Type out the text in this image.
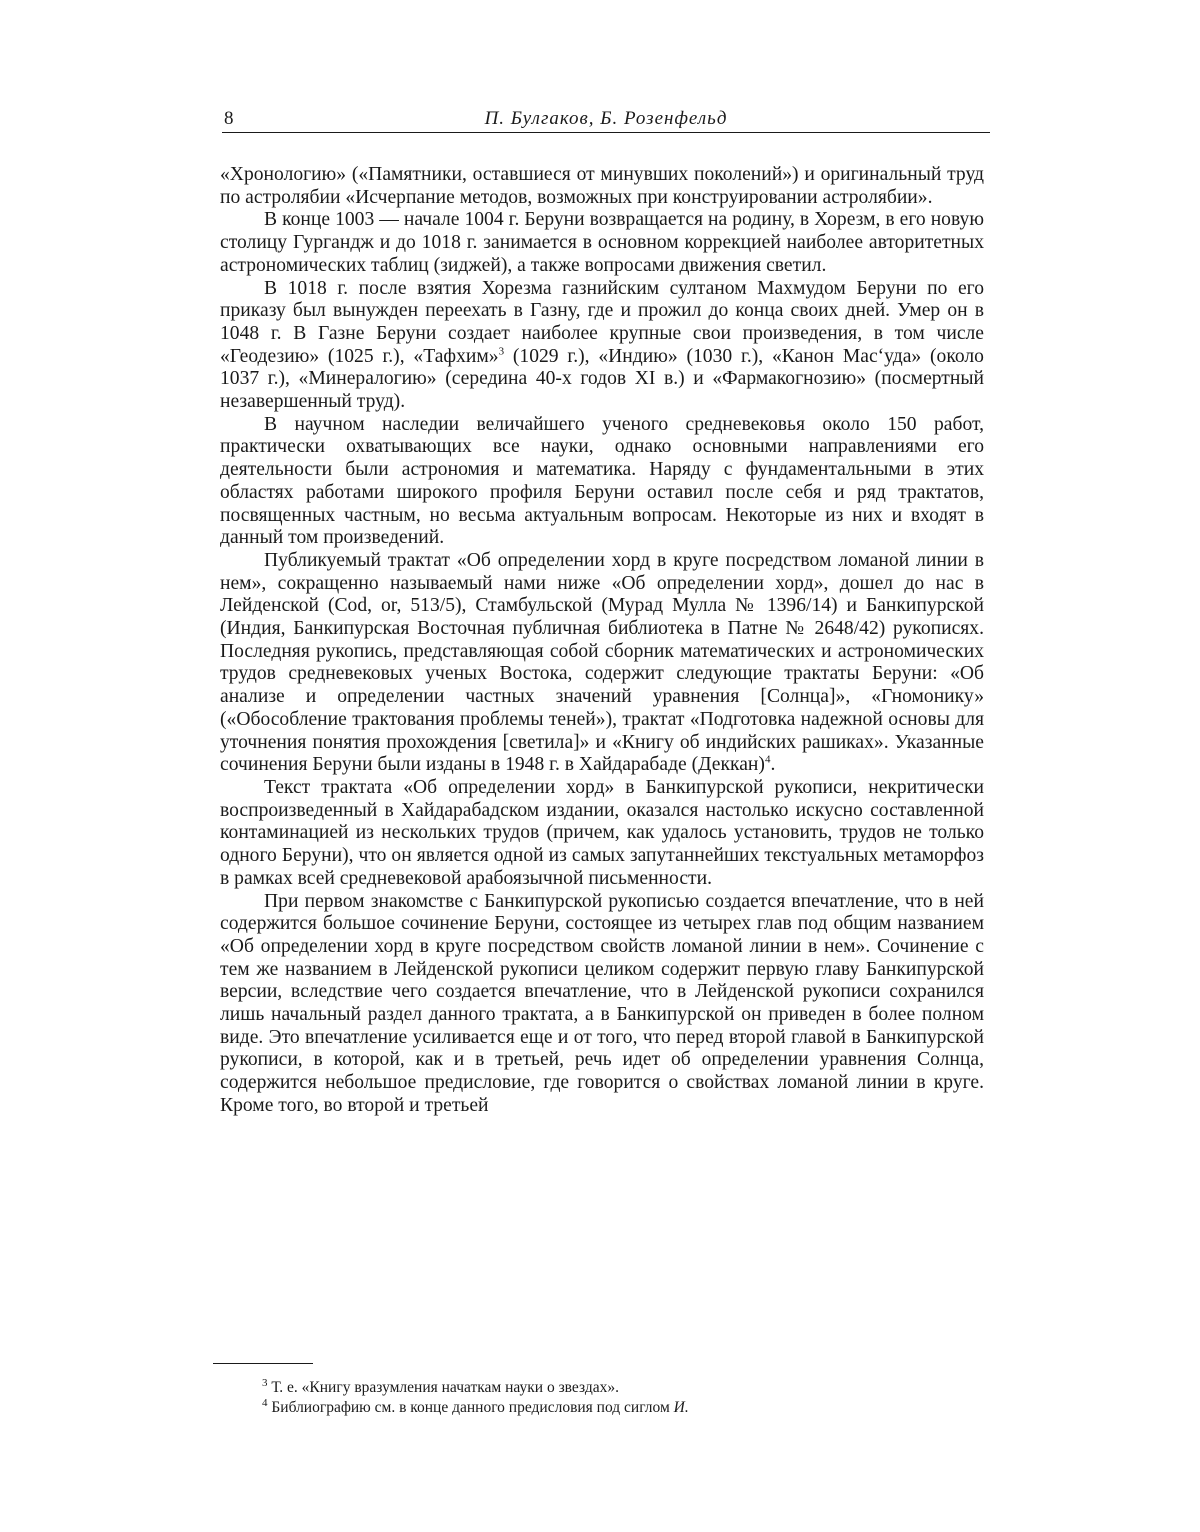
8	П. Булгаков, Б. Розенфельд

«Хронологию» («Памятники, оставшиеся от минувших поколений») и оригинальный труд по астролябии «Исчерпание методов, возможных при конструировании астролябии».

В конце 1003 — начале 1004 г. Беруни возвращается на родину, в Хорезм, в его новую столицу Гургандж и до 1018 г. занимается в основном коррекцией наиболее авторитетных астрономических таблиц (зиджей), а также вопросами движения светил.

В 1018 г. после взятия Хорезма газнийским султаном Махмудом Беруни по его приказу был вынужден переехать в Газну, где и прожил до конца своих дней. Умер он в 1048 г. В Газне Беруни создает наиболее крупные свои произведения, в том числе «Геодезию» (1025 г.), «Тафхим»$^3$ (1029 г.), «Индию» (1030 г.), «Канон Мас‘уда» (около 1037 г.), «Минералогию» (середина 40-х годов XI в.) и «Фармакогнозию» (посмертный незавершенный труд).

В научном наследии величайшего ученого средневековья около 150 работ, практически охватывающих все науки, однако основными направлениями его деятельности были астрономия и математика. Наряду с фундаментальными в этих областях работами широкого профиля Беруни оставил после себя и ряд трактатов, посвященных частным, но весьма актуальным вопросам. Некоторые из них и входят в данный том произведений.

Публикуемый трактат «Об определении хорд в круге посредством ломаной линии в нем», сокращенно называемый нами ниже «Об определении хорд», дошел до нас в Лейденской (Cod, or, 513/5), Стамбульской (Мурад Мулла № 1396/14) и Банкипурской (Индия, Банкипурская Восточная публичная библиотека в Патне № 2648/42) рукописях. Последняя рукопись, представляющая собой сборник математических и астрономических трудов средневековых ученых Востока, содержит следующие трактаты Беруни: «Об анализе и определении частных значений уравнения [Солнца]», «Гномонику» («Обособление трактования проблемы теней»), трактат «Подготовка надежной основы для уточнения понятия прохождения [светила]» и «Книгу об индийских рашиках». Указанные сочинения Беруни были изданы в 1948 г. в Хайдарабаде (Деккан)$^4$.

Текст трактата «Об определении хорд» в Банкипурской рукописи, некритически воспроизведенный в Хайдарабадском издании, оказался настолько искусно составленной контаминацией из нескольких трудов (причем, как удалось установить, трудов не только одного Беруни), что он является одной из самых запутаннейших текстуальных метаморфоз в рамках всей средневековой арабоязычной письменности.

При первом знакомстве с Банкипурской рукописью создается впечатление, что в ней содержится большое сочинение Беруни, состоящее из четырех глав под общим названием «Об определении хорд в круге посредством свойств ломаной линии в нем». Сочинение с тем же названием в Лейденской рукописи целиком содержит первую главу Банкипурской версии, вследствие чего создается впечатление, что в Лейденской рукописи сохранился лишь начальный раздел данного трактата, а в Банкипурской он приведен в более полном виде. Это впечатление усиливается еще и от того, что перед второй главой в Банкипурской рукописи, в которой, как и в третьей, речь идет об определении уравнения Солнца, содержится небольшое предисловие, где говорится о свойствах ломаной линии в круге. Кроме того, во второй и третьей

$^3$ Т. е. «Книгу вразумления начаткам науки о звездах».

$^4$ Библиографию см. в конце данного предисловия под сиглом И.
